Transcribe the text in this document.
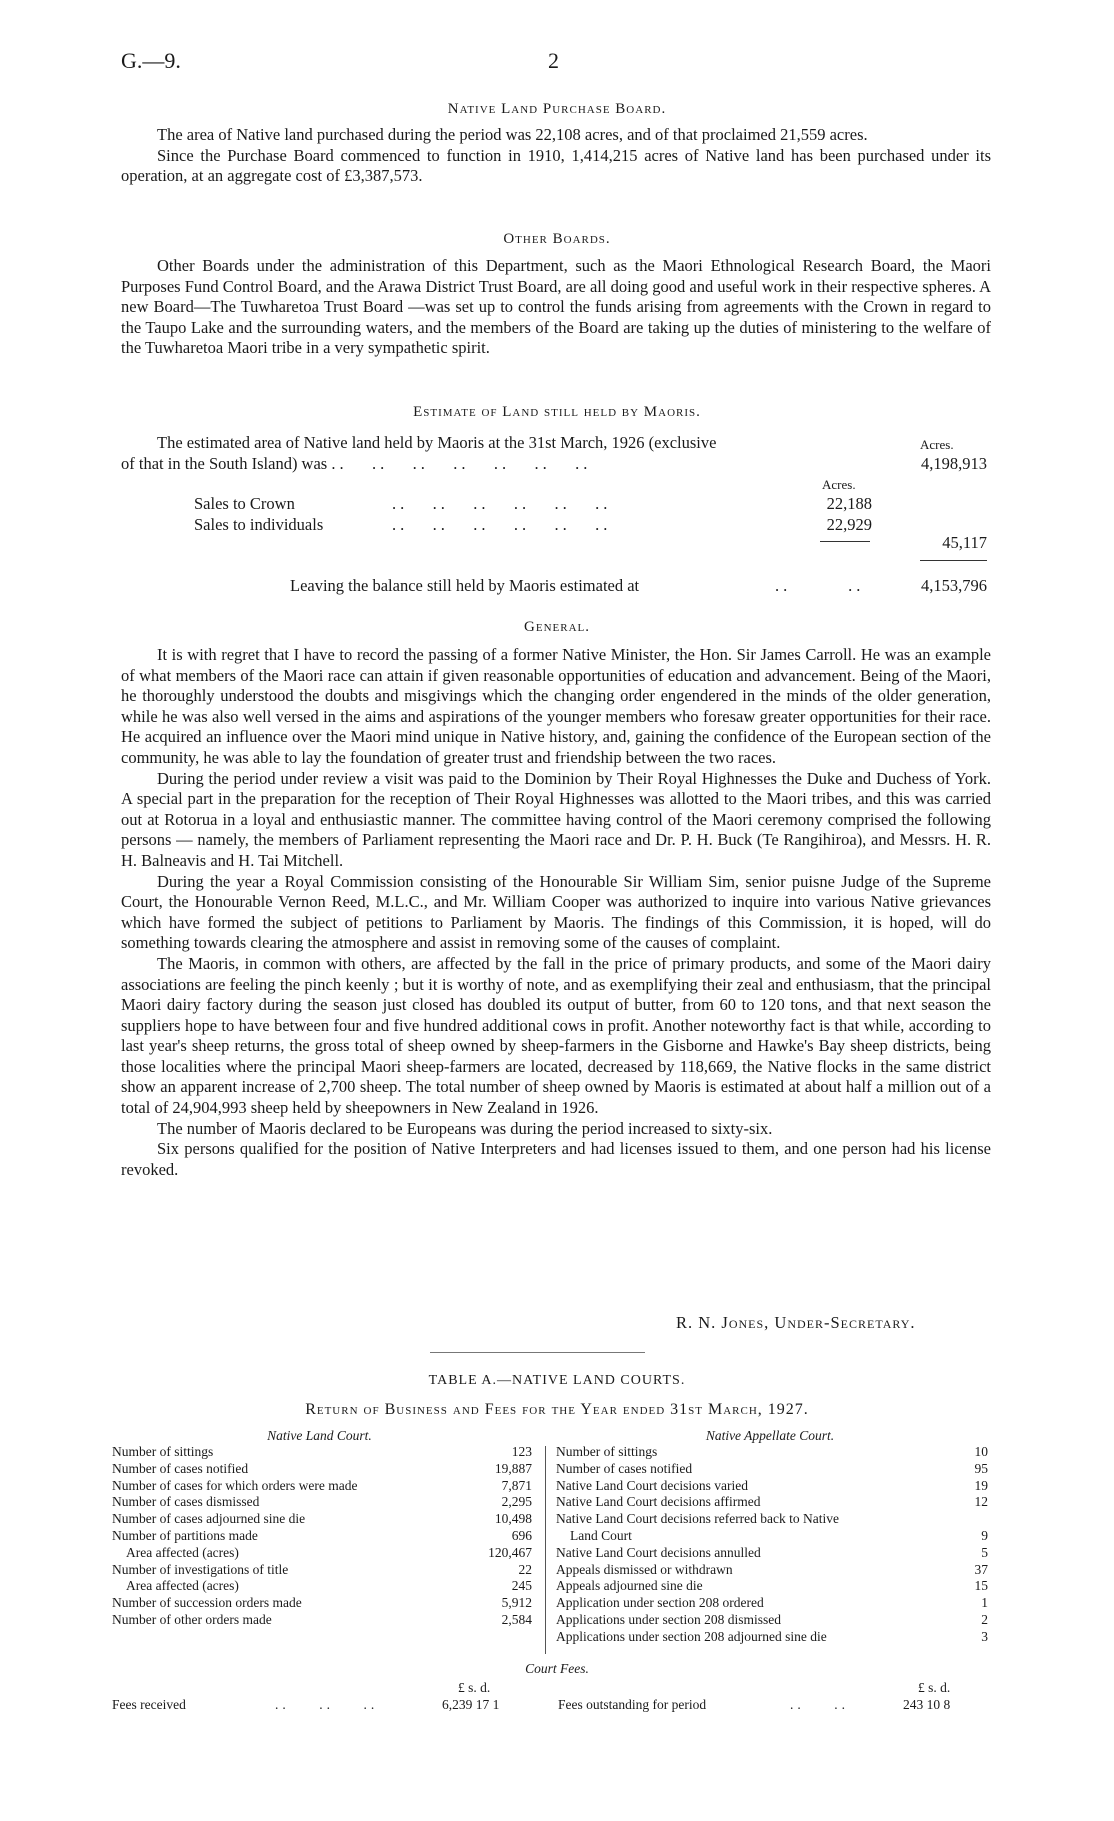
G.—9.	2
Native Land Purchase Board.

The area of Native land purchased during the period was 22,108 acres, and of that proclaimed 21,559 acres.

Since the Purchase Board commenced to function in 1910, 1,414,215 acres of Native land has been purchased under its operation, at an aggregate cost of £3,387,573.

Other Boards.

Other Boards under the administration of this Department, such as the Maori Ethnological Research Board, the Maori Purposes Fund Control Board, and the Arawa District Trust Board, are all doing good and useful work in their respective spheres. A new Board—The Tuwharetoa Trust Board —was set up to control the funds arising from agreements with the Crown in regard to the Taupo Lake and the surrounding waters, and the members of the Board are taking up the duties of ministering to the welfare of the Tuwharetoa Maori tribe in a very sympathetic spirit.

Estimate of Land still held by Maoris.
The estimated area of Native land held by Maoris at the 31st March, 1926 (exclusive	Acres.
of that in the South Island) was ..   ..   ..   ..   ..   ..   ..	4,198,913
Acres.
Sales to Crown	..   ..   ..   ..   ..   ..	22,188
Sales to individuals	..   ..   ..   ..   ..   ..	22,929
45,117
Leaving the balance still held by Maoris estimated at	..       ..	4,153,796
General.

It is with regret that I have to record the passing of a former Native Minister, the Hon. Sir James Carroll. He was an example of what members of the Maori race can attain if given reasonable opportunities of education and advancement. Being of the Maori, he thoroughly understood the doubts and misgivings which the changing order engendered in the minds of the older generation, while he was also well versed in the aims and aspirations of the younger members who foresaw greater opportunities for their race. He acquired an influence over the Maori mind unique in Native history, and, gaining the confidence of the European section of the community, he was able to lay the foundation of greater trust and friendship between the two races.

During the period under review a visit was paid to the Dominion by Their Royal Highnesses the Duke and Duchess of York. A special part in the preparation for the reception of Their Royal Highnesses was allotted to the Maori tribes, and this was carried out at Rotorua in a loyal and enthusiastic manner. The committee having control of the Maori ceremony comprised the following persons — namely, the members of Parliament representing the Maori race and Dr. P. H. Buck (Te Rangihiroa), and Messrs. H. R. H. Balneavis and H. Tai Mitchell.

During the year a Royal Commission consisting of the Honourable Sir William Sim, senior puisne Judge of the Supreme Court, the Honourable Vernon Reed, M.L.C., and Mr. William Cooper was authorized to inquire into various Native grievances which have formed the subject of petitions to Parliament by Maoris. The findings of this Commission, it is hoped, will do something towards clearing the atmosphere and assist in removing some of the causes of complaint.

The Maoris, in common with others, are affected by the fall in the price of primary products, and some of the Maori dairy associations are feeling the pinch keenly ; but it is worthy of note, and as exemplifying their zeal and enthusiasm, that the principal Maori dairy factory during the season just closed has doubled its output of butter, from 60 to 120 tons, and that next season the suppliers hope to have between four and five hundred additional cows in profit. Another noteworthy fact is that while, according to last year's sheep returns, the gross total of sheep owned by sheep-farmers in the Gisborne and Hawke's Bay sheep districts, being those localities where the principal Maori sheep-farmers are located, decreased by 118,669, the Native flocks in the same district show an apparent increase of 2,700 sheep. The total number of sheep owned by Maoris is estimated at about half a million out of a total of 24,904,993 sheep held by sheepowners in New Zealand in 1926.

The number of Maoris declared to be Europeans was during the period increased to sixty-six.

Six persons qualified for the position of Native Interpreters and had licenses issued to them, and one person had his license revoked.

R. N. Jones, Under-Secretary.
TABLE A.—NATIVE LAND COURTS.
Return of Business and Fees for the Year ended 31st March, 1927.
Native Land Court.	Native Appellate Court.
Number of sittings	123
Number of cases notified	19,887
Number of cases for which orders were made	7,871
Number of cases dismissed	2,295
Number of cases adjourned sine die	10,498
Number of partitions made	696
Area affected (acres)	120,467
Number of investigations of title	22
Area affected (acres)	245
Number of succession orders made	5,912
Number of other orders made	2,584
Number of sittings	10
Number of cases notified	95
Native Land Court decisions varied	19
Native Land Court decisions affirmed	12
Native Land Court decisions referred back to Native	
Land Court	9
Native Land Court decisions annulled	5
Appeals dismissed or withdrawn	37
Appeals adjourned sine die	15
Application under section 208 ordered	1
Applications under section 208 dismissed	2
Applications under section 208 adjourned sine die	3
Court Fees.
£ s. d.	£ s. d.
Fees received	..    ..    ..	6,239 17 1	Fees outstanding for period	..    ..	243 10 8
